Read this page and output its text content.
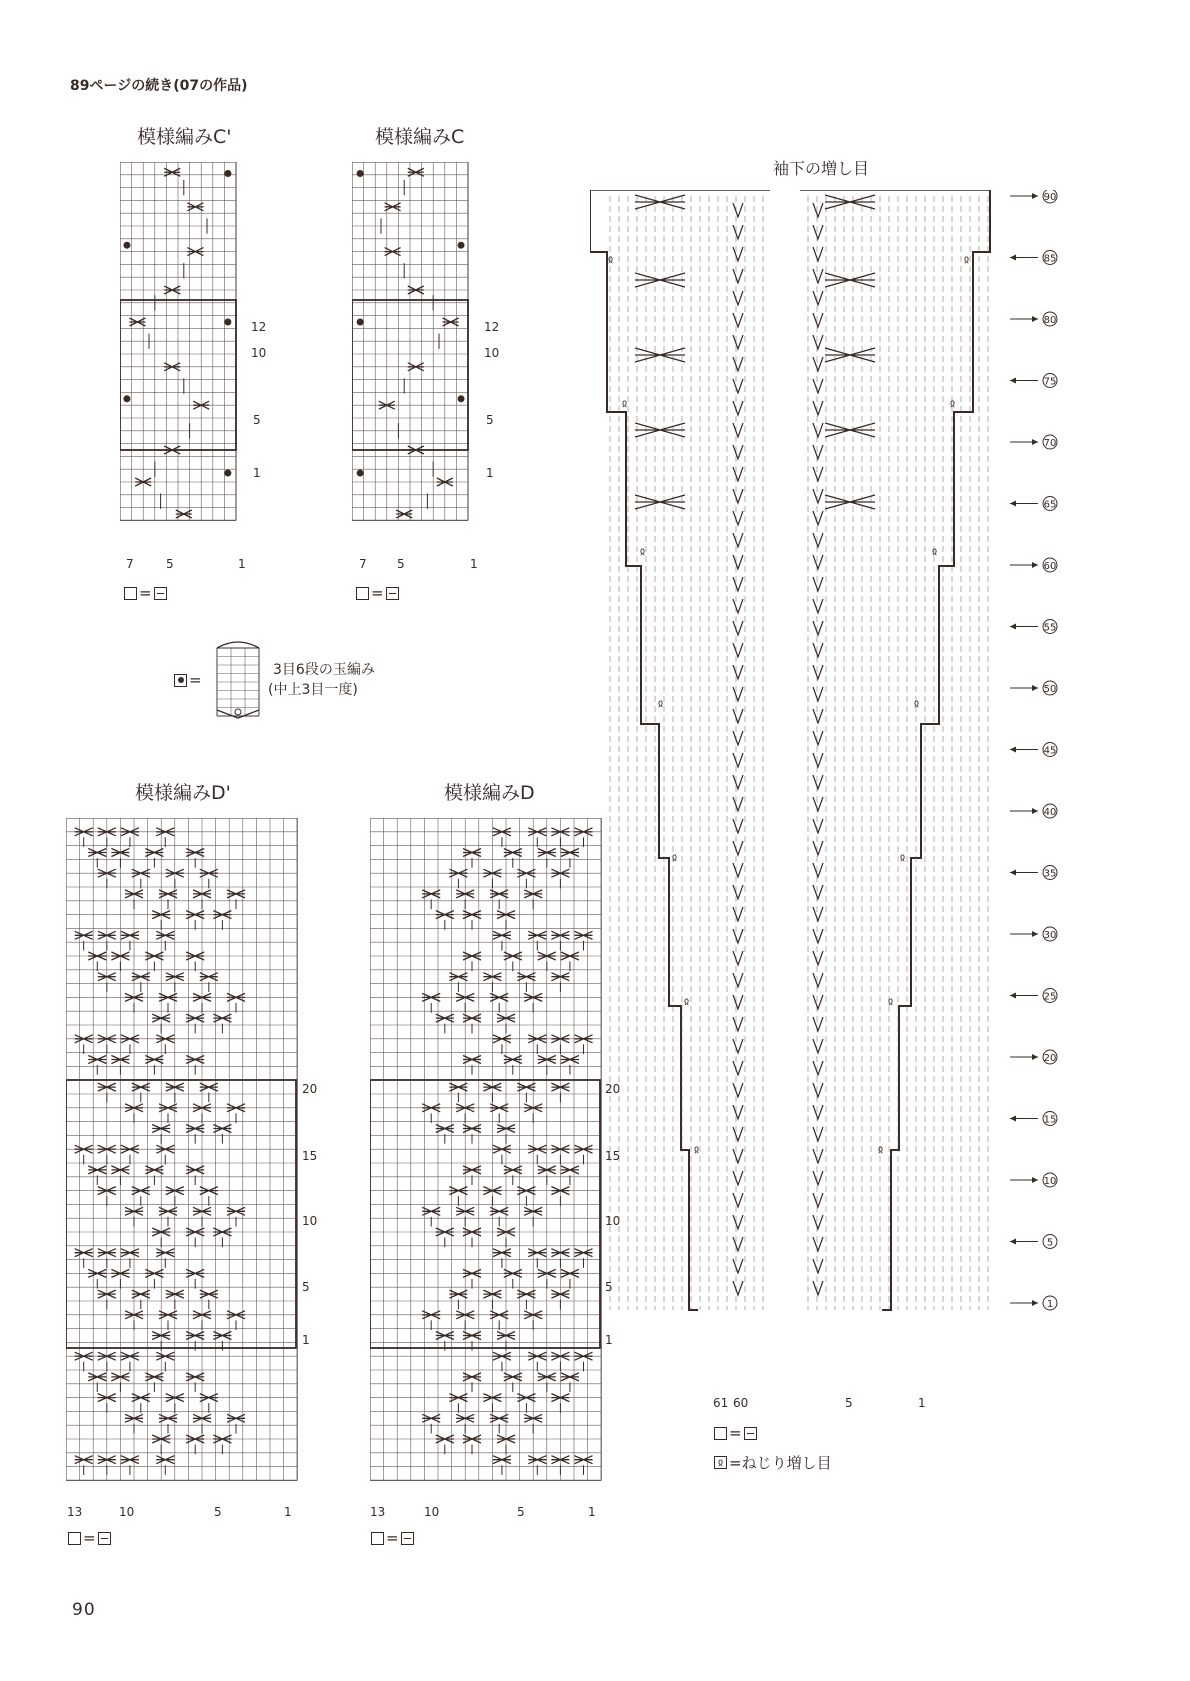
89ページの続き(07の作品)
模様編みC'	模様編みC
模様編みD'	模様編みD
袖下の増し目
12
10
5
1
7	5	1
12
10
5
1
7	5	1
=	=
=
3目6段の玉編み
(中上3目一度)
20
15
10
5
1
13	10	5	1
20
15
10
5
1
13	10	5	1
=	=
ჲ	ჲ
ჲ	ჲ
ჲ	ჲ
ჲ	ჲ
ჲ	ჲ
ჲ	ჲ
ჲ	ჲ
90
85
80
75
70
65
60
55
50
45
40
35
30
25
20
15
10
5
1
61 60	5	1
=
ჲ =ねじり増し目
90
